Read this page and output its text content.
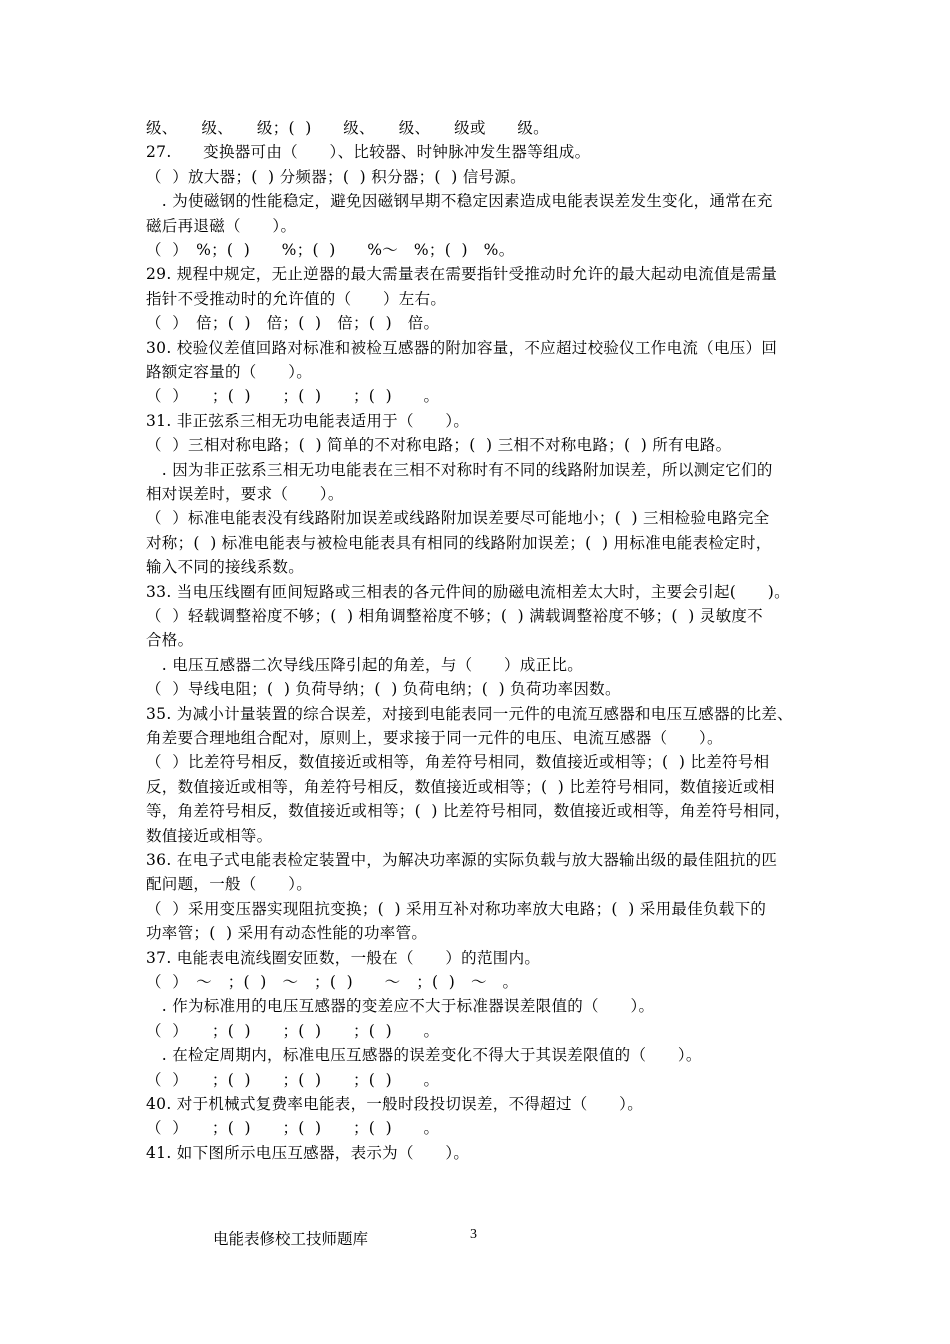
级、　　级、　　级；(  )　　级、　　级、　　级或　　级。
27.　　变换器可由（　　）、比较器、时钟脉冲发生器等组成。
（  ）放大器；(  ) 分频器；(  ) 积分器；(  ) 信号源。
　. 为使磁钢的性能稳定，避免因磁钢早期不稳定因素造成电能表误差发生变化，通常在充
磁后再退磁（　　）。
（  ）　%；(  )　　%；(  )　　%～　%；(  )　%。
29. 规程中规定，无止逆器的最大需量表在需要指针受推动时允许的最大起动电流值是需量
指针不受推动时的允许值的（　　）左右。
（  ）　倍；(  )　倍；(  )　倍；(  )　倍。
30. 校验仪差值回路对标准和被检互感器的附加容量，不应超过校验仪工作电流（电压）回
路额定容量的（　　）。
（  ）　　；(  )　　；(  )　　；(  )　　。
31. 非正弦系三相无功电能表适用于（　　）。
（  ）三相对称电路；(  ) 简单的不对称电路；(  ) 三相不对称电路；(  ) 所有电路。
　. 因为非正弦系三相无功电能表在三相不对称时有不同的线路附加误差，所以测定它们的
相对误差时，要求（　　）。
（  ）标准电能表没有线路附加误差或线路附加误差要尽可能地小；(  ) 三相检验电路完全
对称；(  ) 标准电能表与被检电能表具有相同的线路附加误差；(  ) 用标准电能表检定时，
输入不同的接线系数。
33. 当电压线圈有匝间短路或三相表的各元件间的励磁电流相差太大时，主要会引起(　　)。
（  ）轻载调整裕度不够；(  ) 相角调整裕度不够；(  ) 满载调整裕度不够；(  ) 灵敏度不
合格。
　. 电压互感器二次导线压降引起的角差，与（　　）成正比。
（  ）导线电阻；(  ) 负荷导纳；(  ) 负荷电纳；(  ) 负荷功率因数。
35. 为减小计量装置的综合误差，对接到电能表同一元件的电流互感器和电压互感器的比差、
角差要合理地组合配对，原则上，要求接于同一元件的电压、电流互感器（　　）。
（  ）比差符号相反，数值接近或相等，角差符号相同，数值接近或相等；(  ) 比差符号相
反，数值接近或相等，角差符号相反，数值接近或相等；(  ) 比差符号相同，数值接近或相
等，角差符号相反，数值接近或相等；(  ) 比差符号相同，数值接近或相等，角差符号相同，
数值接近或相等。
36. 在电子式电能表检定装置中，为解决功率源的实际负载与放大器输出级的最佳阻抗的匹
配问题，一般（　　）。
（  ）采用变压器实现阻抗变换；(  ) 采用互补对称功率放大电路；(  ) 采用最佳负载下的
功率管；(  ) 采用有动态性能的功率管。
37. 电能表电流线圈安匝数，一般在（　　）的范围内。
（  ）　～　；(  )　～　；(  )　　～　；(  )　～　。
　. 作为标准用的电压互感器的变差应不大于标准器误差限值的（　　）。
（  ）　　；(  )　　；(  )　　；(  )　　。
　. 在检定周期内，标准电压互感器的误差变化不得大于其误差限值的（　　）。
（  ）　　；(  )　　；(  )　　；(  )　　。
40. 对于机械式复费率电能表，一般时段投切误差，不得超过（　　）。
（  ）　　；(  )　　；(  )　　；(  )　　。
41. 如下图所示电压互感器，表示为（　　）。
电能表修校工技师题库	3
